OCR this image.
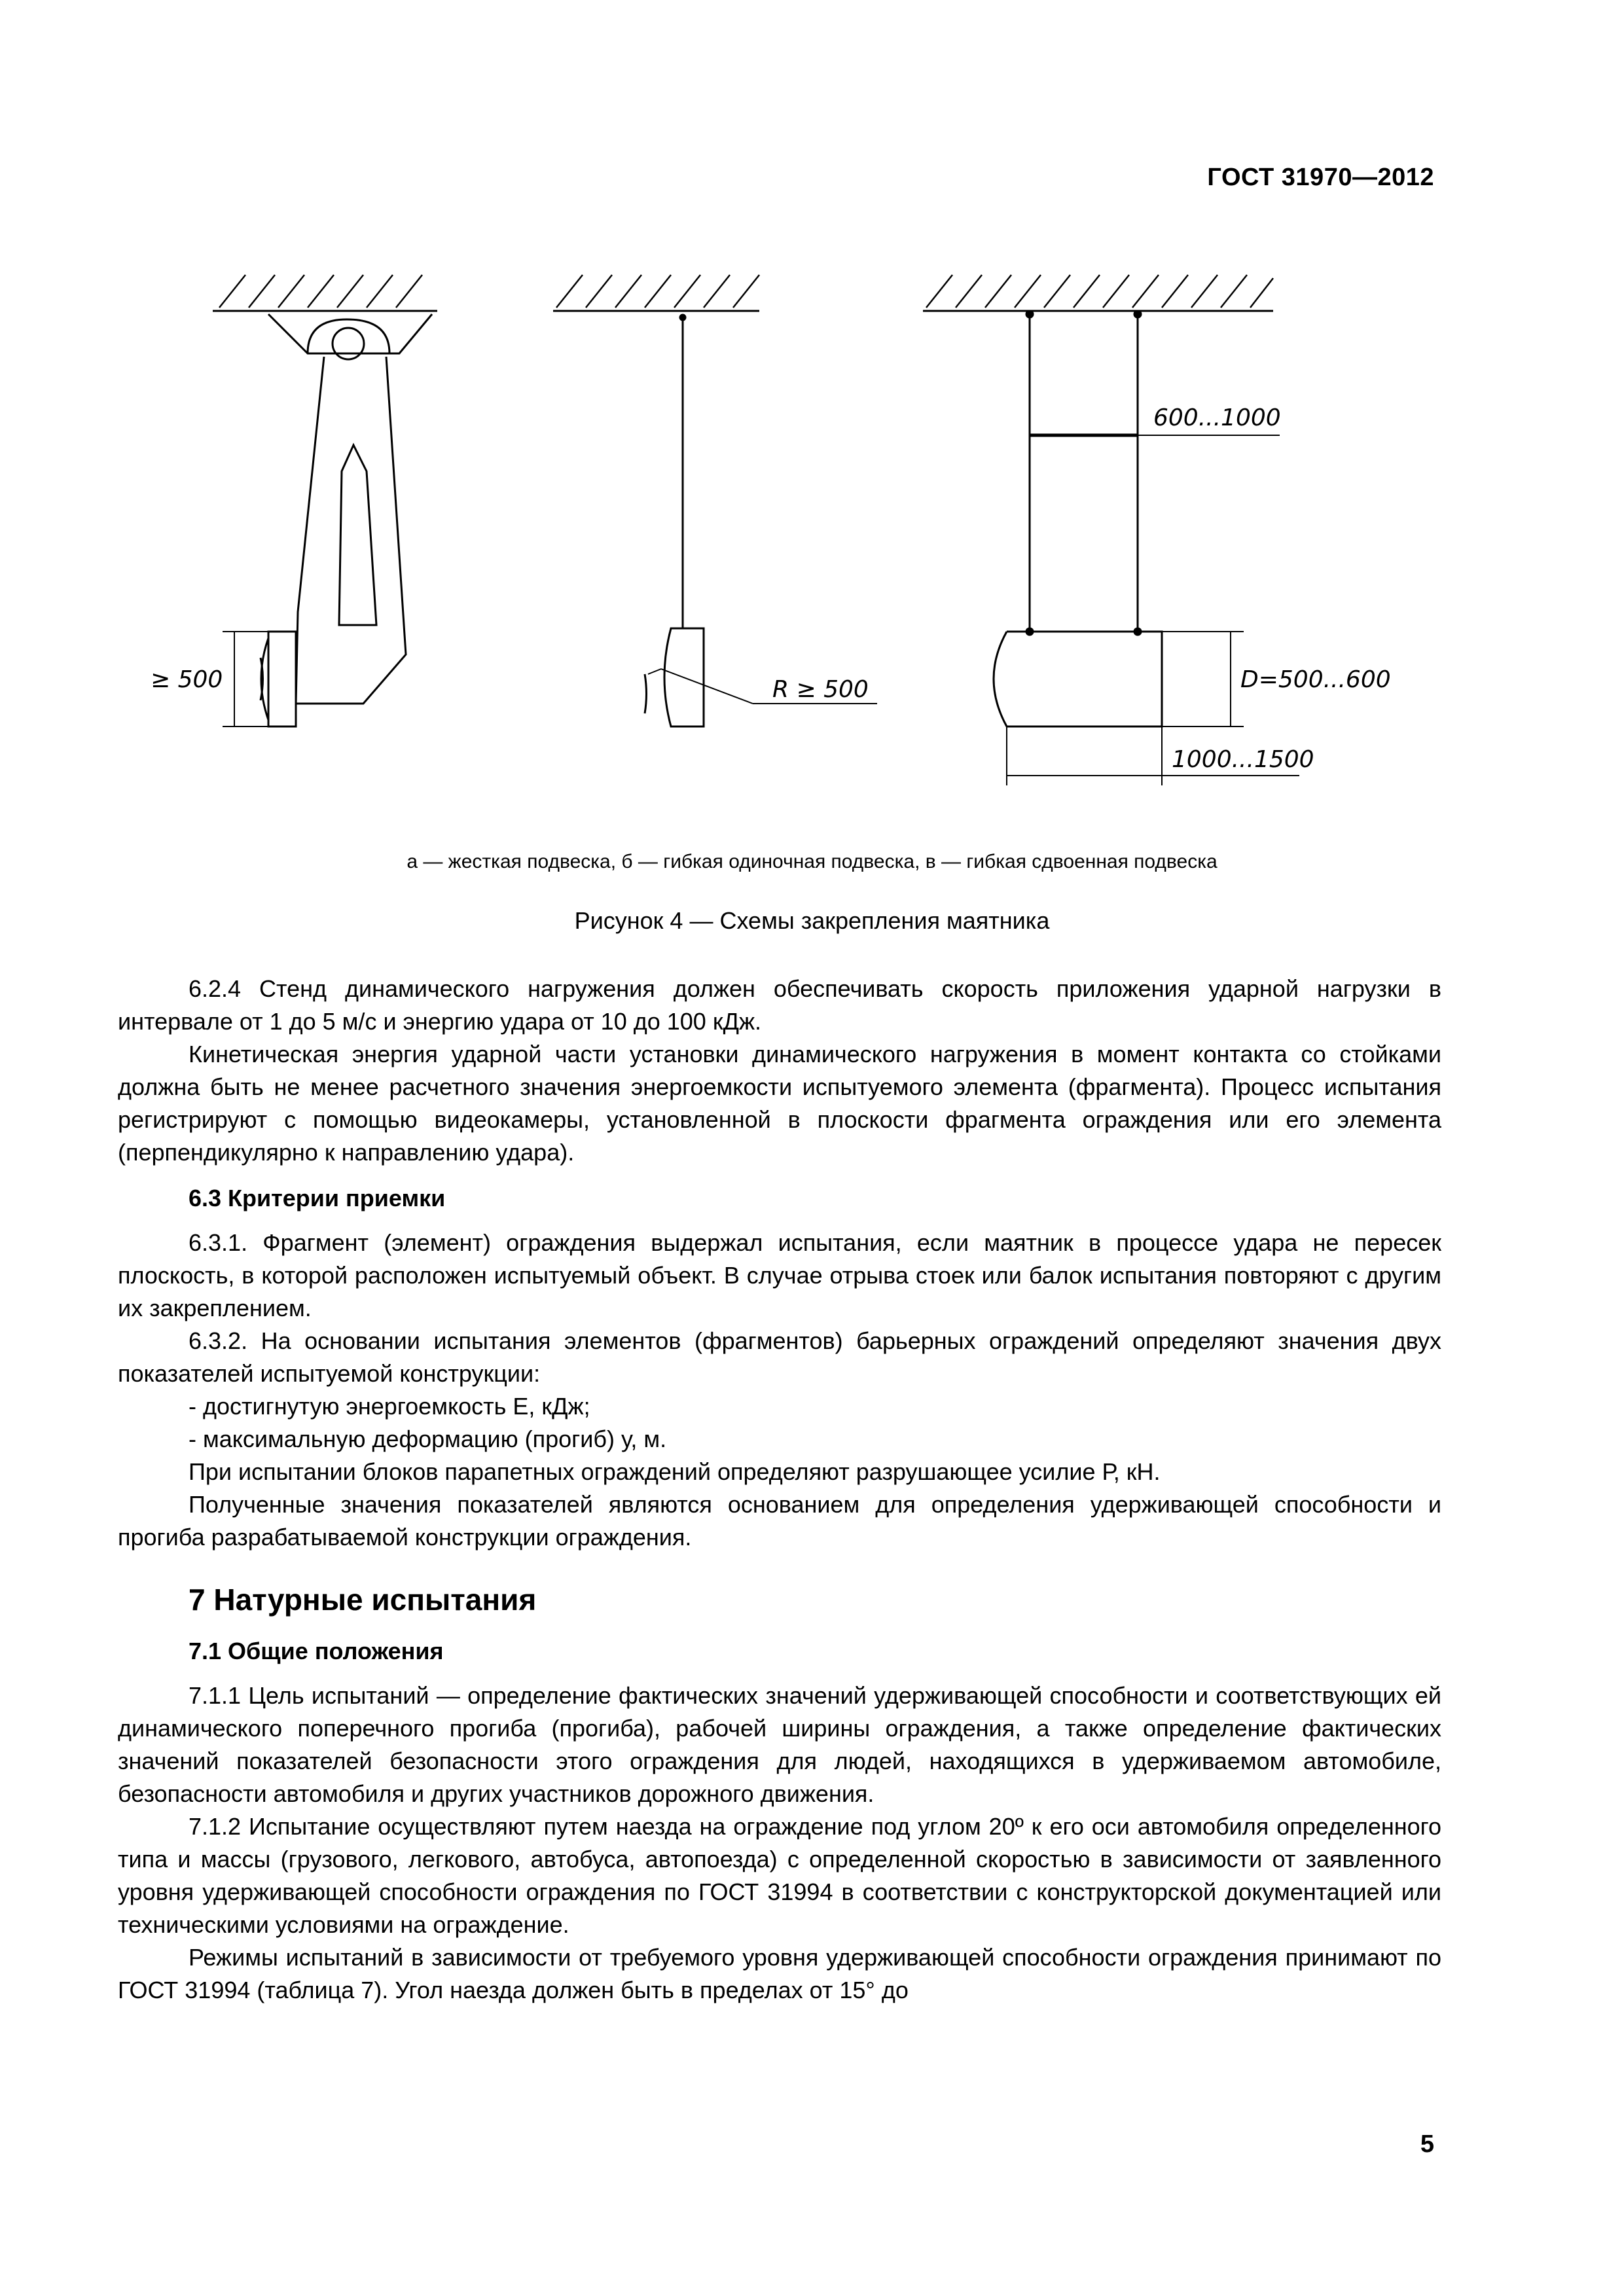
ГОСТ 31970—2012
≥ 500	R ≥ 500
600...1000
D=500...600
1000...1500
а — жесткая подвеска, б — гибкая одиночная подвеска, в — гибкая сдвоенная подвеска
Рисунок 4 — Схемы закрепления маятника

6.2.4 Стенд динамического нагружения должен обеспечивать скорость приложения ударной нагрузки в интервале от 1 до 5 м/с и энергию удара от 10 до 100 кДж.

Кинетическая энергия ударной части установки динамического нагружения в момент контакта со стойками должна быть не менее расчетного значения энергоемкости испытуемого элемента (фрагмента). Процесс испытания регистрируют с помощью видеокамеры, установленной в плоскости фрагмента ограждения или его элемента (перпендикулярно к направлению удара).

6.3 Критерии приемки

6.3.1. Фрагмент (элемент) ограждения выдержал испытания, если маятник в процессе удара не пересек плоскость, в которой расположен испытуемый объект. В случае отрыва стоек или балок испытания повторяют с другим их закреплением.

6.3.2. На основании испытания элементов (фрагментов) барьерных ограждений определяют значения двух показателей испытуемой конструкции:

- достигнутую энергоемкость Е, кДж;

- максимальную деформацию (прогиб) у, м.

При испытании блоков парапетных ограждений определяют разрушающее усилие Р, кН.

Полученные значения показателей являются основанием для определения удерживающей способности и прогиба разрабатываемой конструкции ограждения.

7 Натурные испытания
7.1 Общие положения

7.1.1 Цель испытаний — определение фактических значений удерживающей способности и соответствующих ей динамического поперечного прогиба (прогиба), рабочей ширины ограждения, а также определение фактических значений показателей безопасности этого ограждения для людей, находящихся в удерживаемом автомобиле, безопасности автомобиля и других участников дорожного движения.

7.1.2 Испытание осуществляют путем наезда на ограждение под углом 20º к его оси автомобиля определенного типа и массы (грузового, легкового, автобуса, автопоезда) с определенной скоростью в зависимости от заявленного уровня удерживающей способности ограждения по ГОСТ 31994 в соответствии с конструкторской документацией или техническими условиями на ограждение.

Режимы испытаний в зависимости от требуемого уровня удерживающей способности ограждения принимают по ГОСТ 31994 (таблица 7). Угол наезда должен быть в пределах от 15° до

5
